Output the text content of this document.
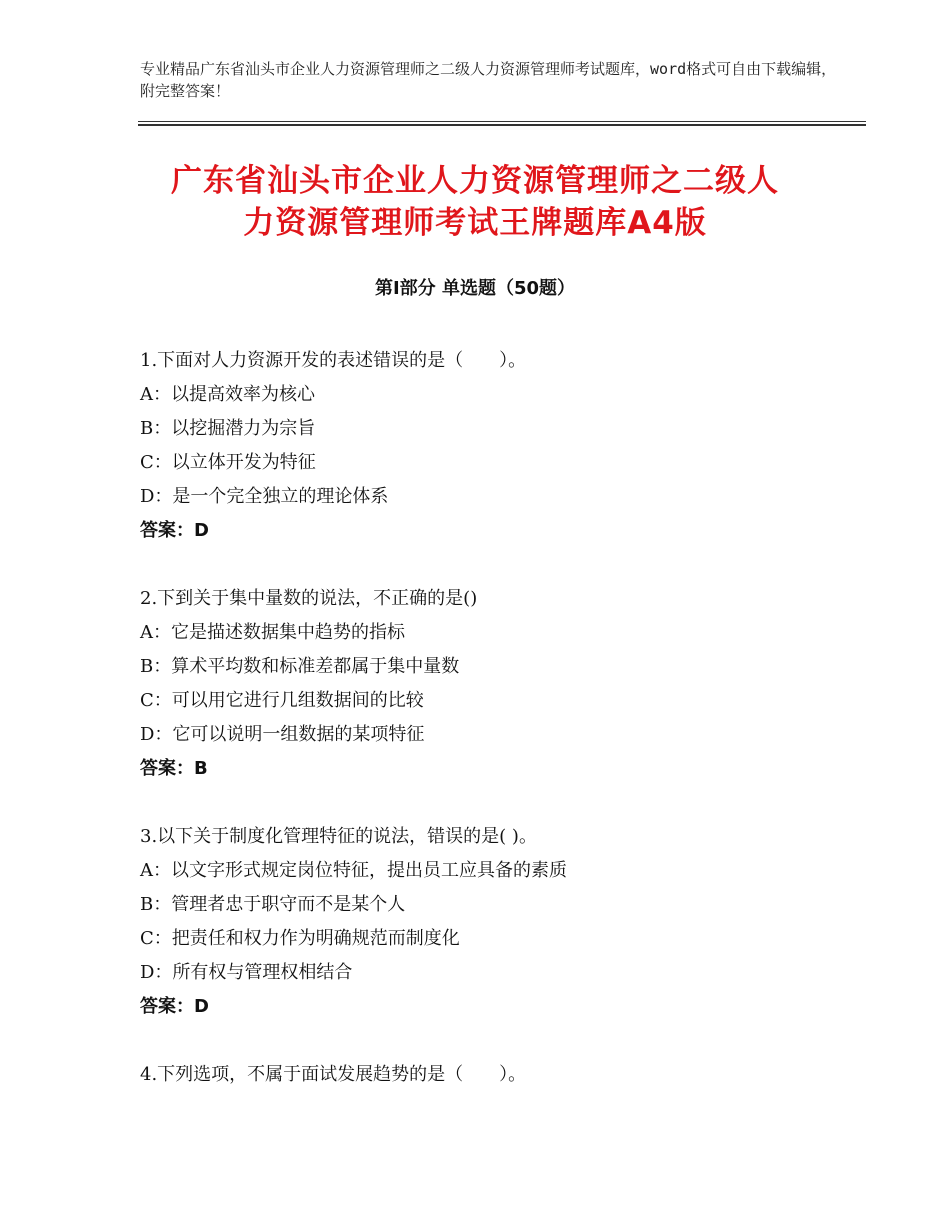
专业精品广东省汕头市企业人力资源管理师之二级人力资源管理师考试题库，word格式可自由下载编辑，附完整答案！
广东省汕头市企业人力资源管理师之二级人
力资源管理师考试王牌题库A4版
第Ⅰ部分 单选题（50题）
1.下面对人力资源开发的表述错误的是（　　）。
A：以提高效率为核心
B：以挖掘潜力为宗旨
C：以立体开发为特征
D：是一个完全独立的理论体系
答案：D
2.下到关于集中量数的说法，不正确的是()
A：它是描述数据集中趋势的指标
B：算术平均数和标准差都属于集中量数
C：可以用它进行几组数据间的比较
D：它可以说明一组数据的某项特征
答案：B
3.以下关于制度化管理特征的说法，错误的是( )。
A：以文字形式规定岗位特征，提出员工应具备的素质
B：管理者忠于职守而不是某个人
C：把责任和权力作为明确规范而制度化
D：所有权与管理权相结合
答案：D
4.下列选项，不属于面试发展趋势的是（　　）。
